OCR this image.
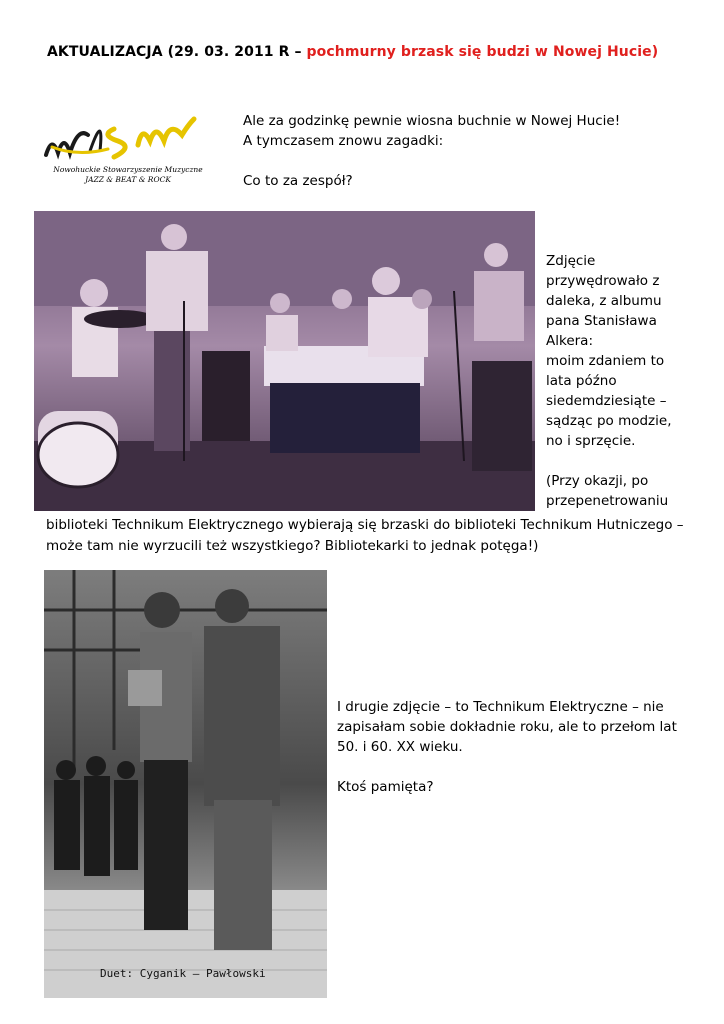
AKTUALIZACJA (29. 03. 2011 R – pochmurny brzask się budzi w Nowej Hucie)
Nowohuckie Stowarzyszenie Muzyczne
JAZZ & BEAT & ROCK
Ale za godzinkę pewnie wiosna buchnie w Nowej Hucie!
A tymczasem znowu zagadki:
Co to za zespół?
Zdjęcie przywędrowało z daleka, z albumu pana Stanisława Alkera:
moim zdaniem to lata późno siedemdziesiąte – sądząc po modzie, no i sprzęcie.
(Przy okazji, po przepenetrowaniu
biblioteki Technikum Elektrycznego wybierają się brzaski do biblioteki Technikum Hutniczego – może tam nie wyrzucili też wszystkiego? Bibliotekarki to jednak potęga!)
Duet: Cyganik – Pawłowski
I drugie zdjęcie – to Technikum Elektryczne – nie zapisałam sobie dokładnie roku, ale to przełom lat 50. i 60. XX wieku.
Ktoś pamięta?
